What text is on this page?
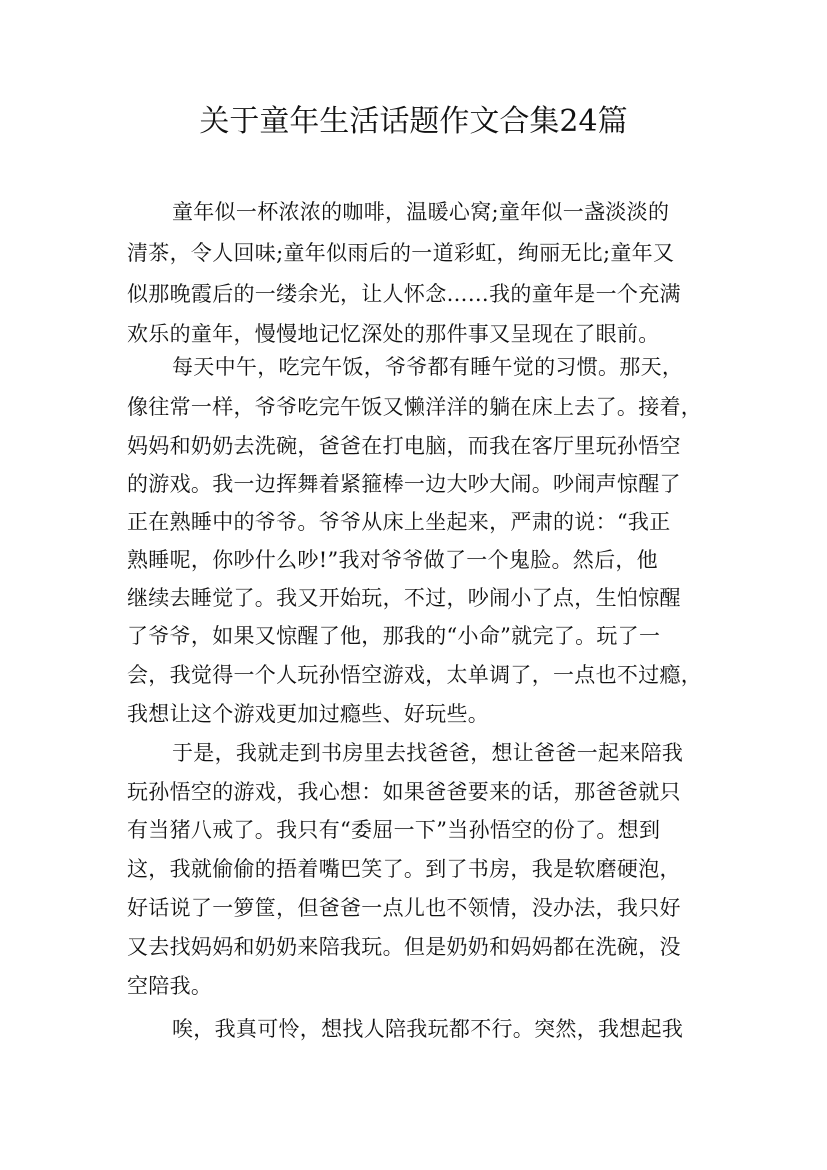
关于童年生活话题作文合集24篇
童年似一杯浓浓的咖啡，温暖心窝;童年似一盏淡淡的
清茶，令人回味;童年似雨后的一道彩虹，绚丽无比;童年又
似那晚霞后的一缕余光，让人怀念……我的童年是一个充满
欢乐的童年，慢慢地记忆深处的那件事又呈现在了眼前。
每天中午，吃完午饭，爷爷都有睡午觉的习惯。那天，
像往常一样，爷爷吃完午饭又懒洋洋的躺在床上去了。接着，
妈妈和奶奶去洗碗，爸爸在打电脑，而我在客厅里玩孙悟空
的游戏。我一边挥舞着紧箍棒一边大吵大闹。吵闹声惊醒了
正在熟睡中的爷爷。爷爷从床上坐起来，严肃的说：“我正
熟睡呢，你吵什么吵!”我对爷爷做了一个鬼脸。然后，他
继续去睡觉了。我又开始玩，不过，吵闹小了点，生怕惊醒
了爷爷，如果又惊醒了他，那我的“小命”就完了。玩了一
会，我觉得一个人玩孙悟空游戏，太单调了，一点也不过瘾，
我想让这个游戏更加过瘾些、好玩些。
于是，我就走到书房里去找爸爸，想让爸爸一起来陪我
玩孙悟空的游戏，我心想：如果爸爸要来的话，那爸爸就只
有当猪八戒了。我只有“委屈一下”当孙悟空的份了。想到
这，我就偷偷的捂着嘴巴笑了。到了书房，我是软磨硬泡，
好话说了一箩筐，但爸爸一点儿也不领情，没办法，我只好
又去找妈妈和奶奶来陪我玩。但是奶奶和妈妈都在洗碗，没
空陪我。
唉，我真可怜，想找人陪我玩都不行。突然，我想起我
